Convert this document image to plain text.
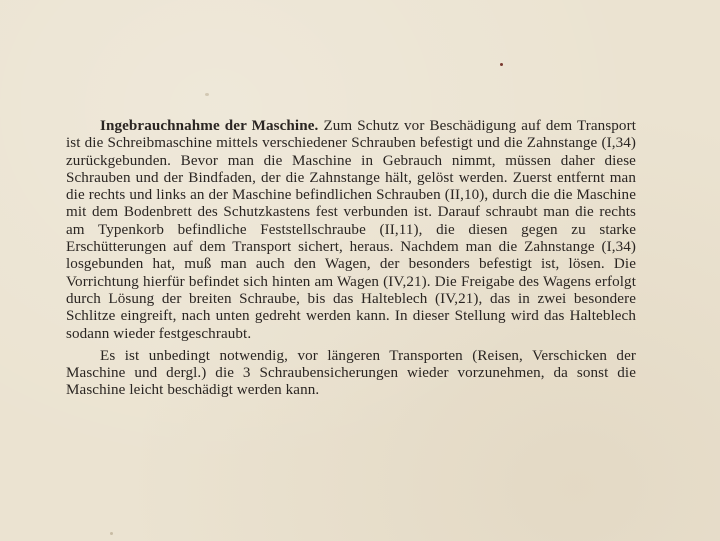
Ingebrauchnahme der Maschine. Zum Schutz vor Beschädigung auf dem Transport ist die Schreibmaschine mittels verschiedener Schrauben befestigt und die Zahnstange (I,34) zurückgebunden. Bevor man die Maschine in Gebrauch nimmt, müssen daher diese Schrauben und der Bindfaden, der die Zahnstange hält, gelöst werden. Zuerst entfernt man die rechts und links an der Maschine befindlichen Schrauben (II,10), durch die die Maschine mit dem Bodenbrett des Schutzkastens fest verbunden ist. Darauf schraubt man die rechts am Typenkorb befindliche Feststellschraube (II,11), die diesen gegen zu starke Erschütterungen auf dem Transport sichert, heraus. Nachdem man die Zahnstange (I,34) losgebunden hat, muß man auch den Wagen, der besonders befestigt ist, lösen. Die Vorrichtung hierfür befindet sich hinten am Wagen (IV,21). Die Freigabe des Wagens erfolgt durch Lösung der breiten Schraube, bis das Halteblech (IV,21), das in zwei besondere Schlitze eingreift, nach unten gedreht werden kann. In dieser Stellung wird das Halteblech sodann wieder festgeschraubt.

Es ist unbedingt notwendig, vor längeren Transporten (Reisen, Verschicken der Maschine und dergl.) die 3 Schraubensicherungen wieder vorzunehmen, da sonst die Maschine leicht beschädigt werden kann.
